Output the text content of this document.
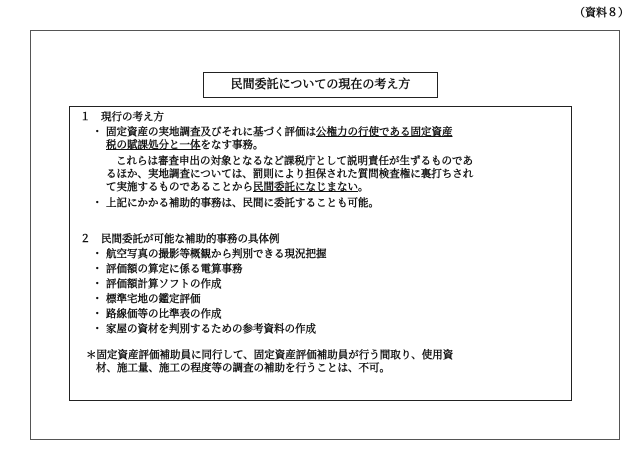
（資料８）
民間委託についての現在の考え方
１　現行の考え方
・ 固定資産の実地調査及びそれに基づく評価は公権力の行使である固定資産
税の賦課処分と一体をなす事務。
これらは審査申出の対象となるなど課税庁として説明責任が生ずるものであ
るほか、実地調査については、罰則により担保された質問検査権に裏打ちされ
て実施するものであることから民間委託になじまない。
・ 上記にかかる補助的事務は、民間に委託することも可能。
２　民間委託が可能な補助的事務の具体例
・ 航空写真の撮影等概観から判別できる現況把握
・ 評価額の算定に係る電算事務
・ 評価額計算ソフトの作成
・ 標準宅地の鑑定評価
・ 路線価等の比準表の作成
・ 家屋の資材を判別するための参考資料の作成
＊固定資産評価補助員に同行して、固定資産評価補助員が行う間取り、使用資
材、施工量、施工の程度等の調査の補助を行うことは、不可。
